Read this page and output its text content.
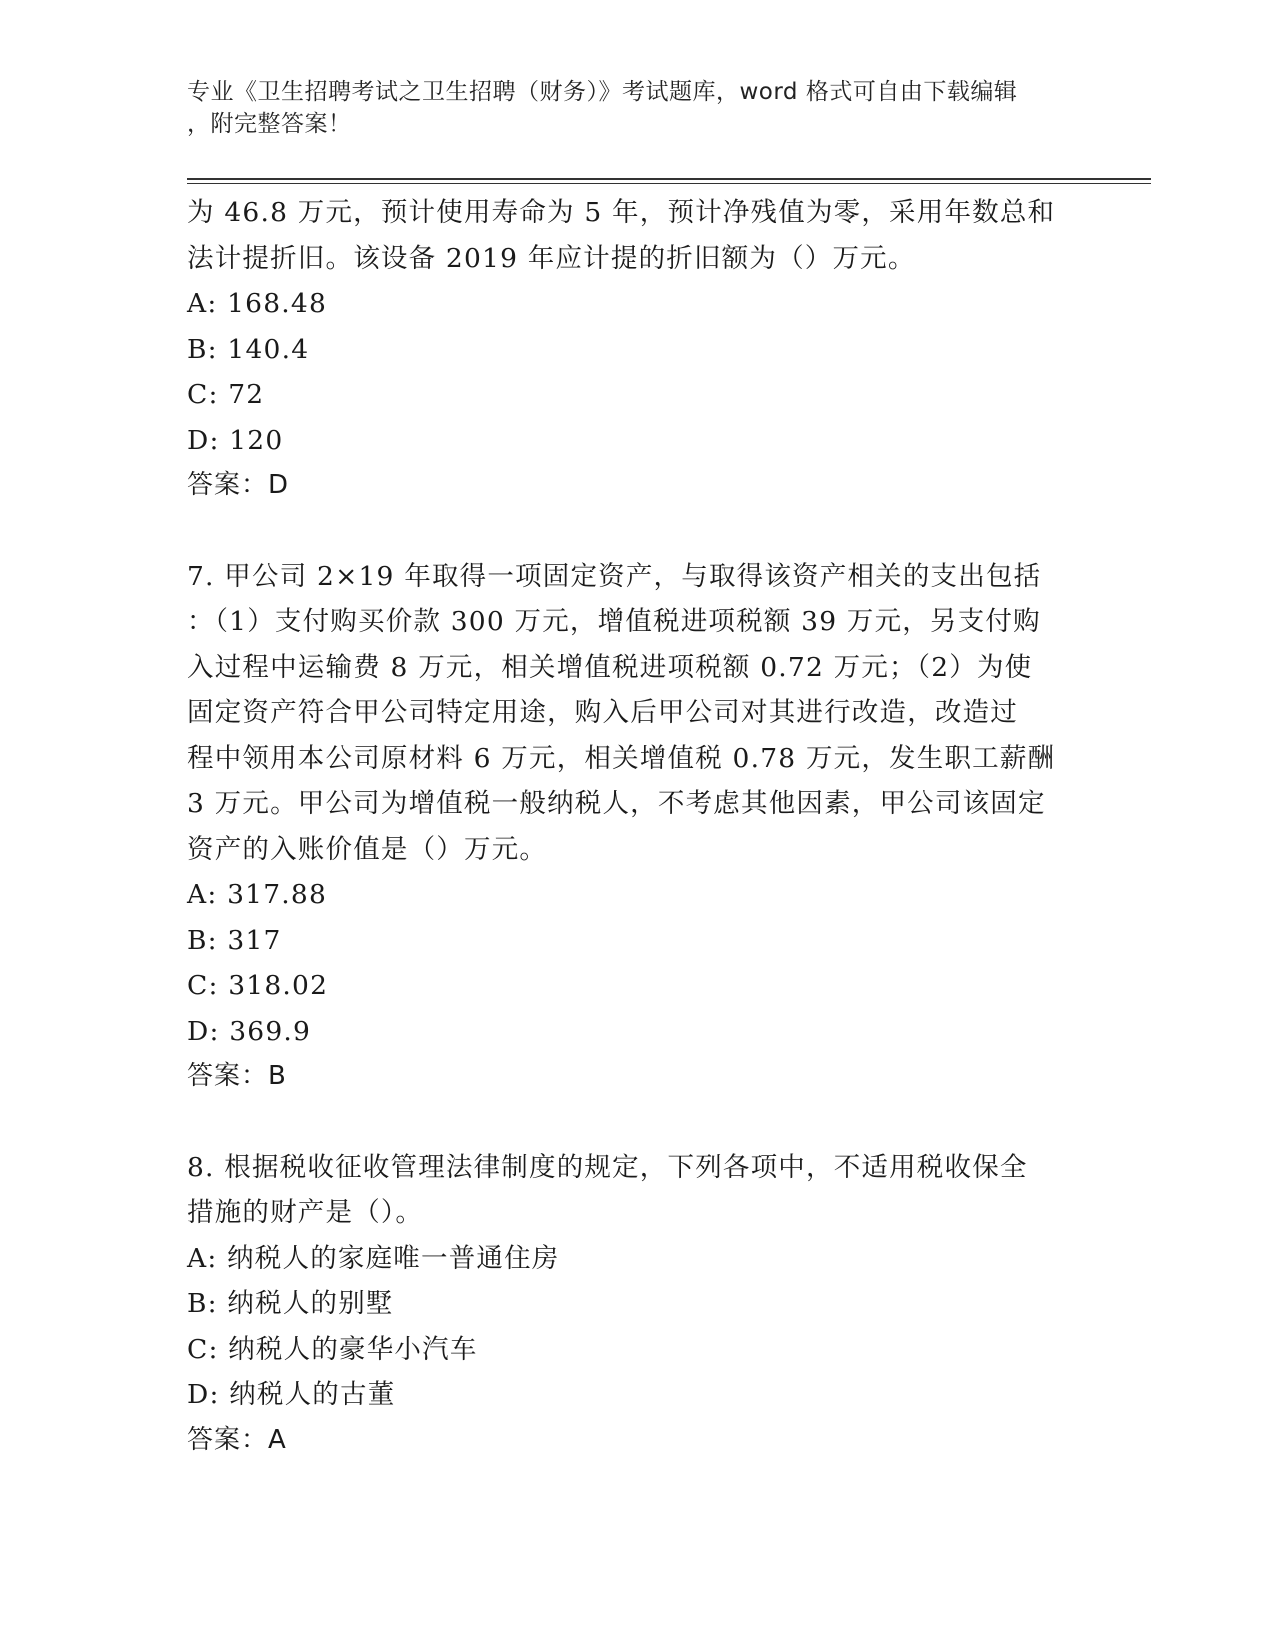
专业《卫生招聘考试之卫生招聘（财务）》考试题库，word 格式可自由下载编辑
，附完整答案！
为 46.8 万元，预计使用寿命为 5 年，预计净残值为零，采用年数总和
法计提折旧。该设备 2019 年应计提的折旧额为（）万元。
A: 168.48
B: 140.4
C: 72
D: 120
答案：D
7. 甲公司 2×19 年取得一项固定资产，与取得该资产相关的支出包括
：（1）支付购买价款 300 万元，增值税进项税额 39 万元，另支付购
入过程中运输费 8 万元，相关增值税进项税额 0.72 万元；（2）为使
固定资产符合甲公司特定用途，购入后甲公司对其进行改造，改造过
程中领用本公司原材料 6 万元，相关增值税 0.78 万元，发生职工薪酬
3 万元。甲公司为增值税一般纳税人，不考虑其他因素，甲公司该固定
资产的入账价值是（）万元。
A: 317.88
B: 317
C: 318.02
D: 369.9
答案：B
8. 根据税收征收管理法律制度的规定，下列各项中，不适用税收保全
措施的财产是（）。
A: 纳税人的家庭唯一普通住房
B: 纳税人的别墅
C: 纳税人的豪华小汽车
D: 纳税人的古董
答案：A
